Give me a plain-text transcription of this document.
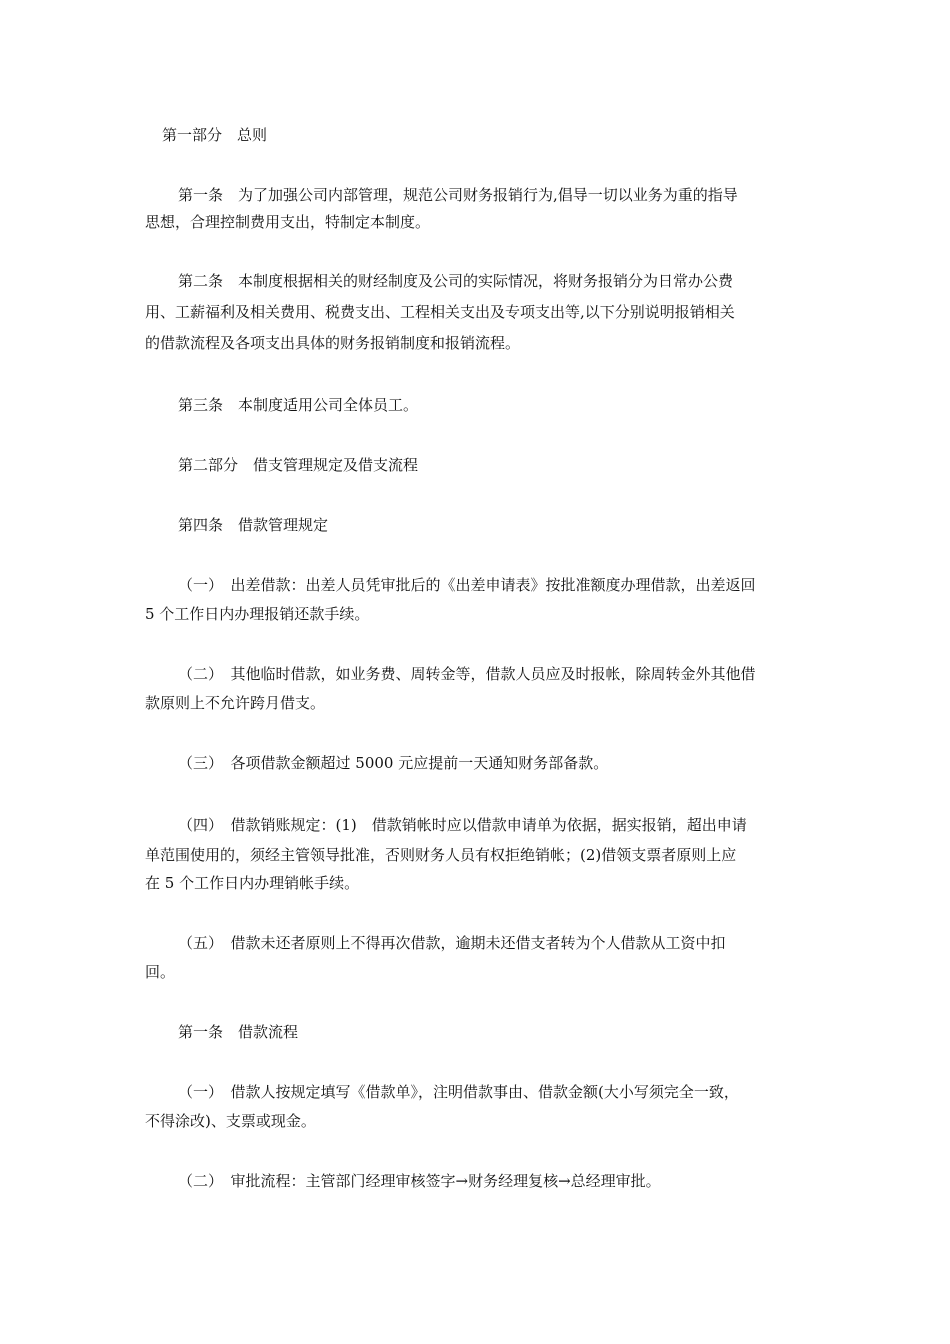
第一部分　总则
第一条　为了加强公司内部管理，规范公司财务报销行为,倡导一切以业务为重的指导
思想，合理控制费用支出，特制定本制度。
第二条　本制度根据相关的财经制度及公司的实际情况，将财务报销分为日常办公费
用、工薪福利及相关费用、税费支出、工程相关支出及专项支出等,以下分别说明报销相关
的借款流程及各项支出具体的财务报销制度和报销流程。
第三条　本制度适用公司全体员工。
第二部分　借支管理规定及借支流程
第四条　借款管理规定
（一）　出差借款：出差人员凭审批后的《出差申请表》按批准额度办理借款，出差返回
5 个工作日内办理报销还款手续。
（二）　其他临时借款，如业务费、周转金等，借款人员应及时报帐，除周转金外其他借
款原则上不允许跨月借支。
（三）　各项借款金额超过 5000 元应提前一天通知财务部备款。
（四）　借款销账规定：(1)　借款销帐时应以借款申请单为依据，据实报销，超出申请
单范围使用的，须经主管领导批准，否则财务人员有权拒绝销帐；(2)借领支票者原则上应
在 5 个工作日内办理销帐手续。
（五）　借款未还者原则上不得再次借款，逾期未还借支者转为个人借款从工资中扣
回。
第一条　借款流程
（一）　借款人按规定填写《借款单》，注明借款事由、借款金额(大小写须完全一致，
不得涂改)、支票或现金。
（二）　审批流程：主管部门经理审核签字→财务经理复核→总经理审批。
